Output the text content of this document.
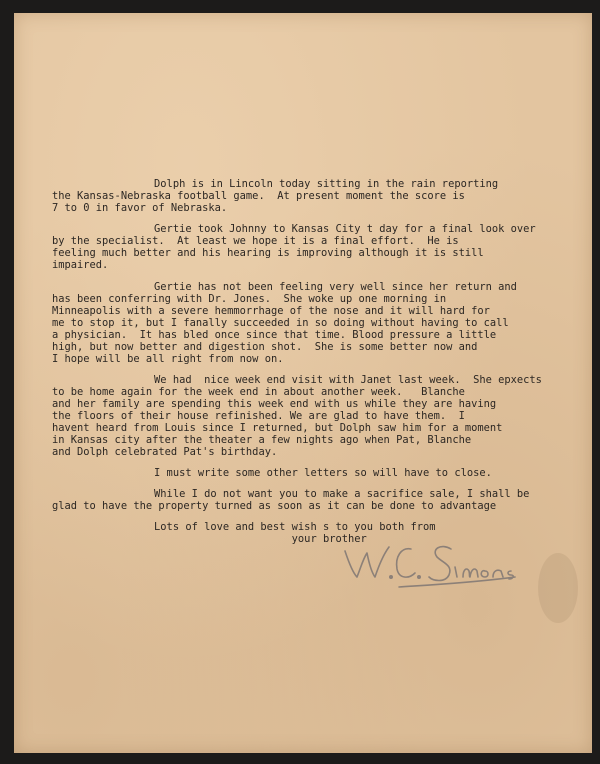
Dolph is in Lincoln today sitting in the rain reporting
the Kansas-Nebraska football game.  At present moment the score is
7 to 0 in favor of Nebraska.
Gertie took Johnny to Kansas City t day for a final look over
by the specialist.  At least we hope it is a final effort.  He is
feeling much better and his hearing is improving although it is still
impaired.
Gertie has not been feeling very well since her return and
has been conferring with Dr. Jones.  She woke up one morning in
Minneapolis with a severe hemmorrhage of the nose and it will hard for
me to stop it, but I fanally succeeded in so doing without having to call
a physician.  It has bled once since that time. Blood pressure a little
high, but now better and digestion shot.  She is some better now and
I hope will be all right from now on.
We had  nice week end visit with Janet last week.  She epxects
to be home again for the week end in about another week.   Blanche
and her family are spending this week end with us while they are having
the floors of their house refinished. We are glad to have them.  I
havent heard from Louis since I returned, but Dolph saw him for a moment
in Kansas city after the theater a few nights ago when Pat, Blanche
and Dolph celebrated Pat's birthday.
I must write some other letters so will have to close.
While I do not want you to make a sacrifice sale, I shall be
glad to have the property turned as soon as it can be done to advantage
Lots of love and best wish s to you both from
your brother
